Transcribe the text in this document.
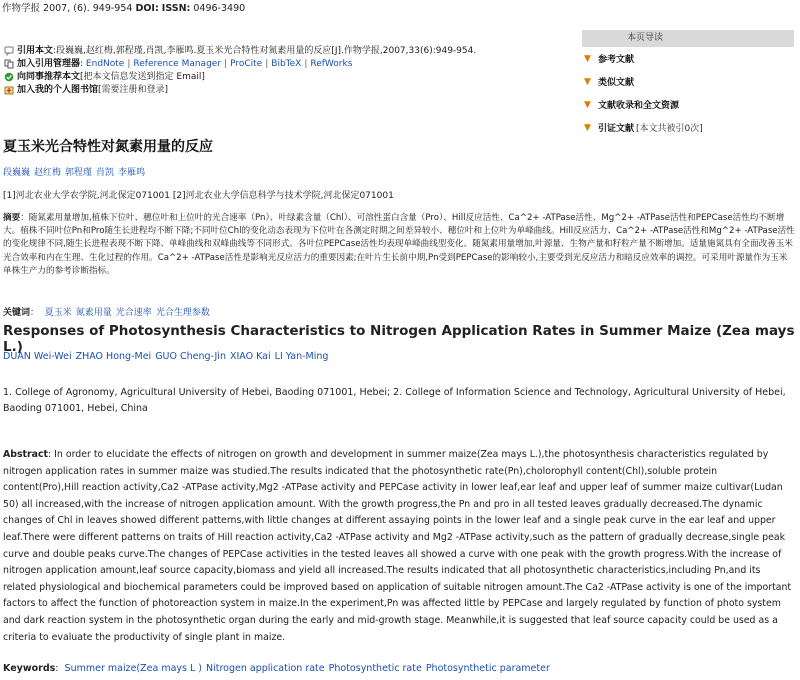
作物学报 2007, (6). 949-954 DOI: ISSN: 0496-3490
引用本文 :段巍巍,赵红梅,郭程瑾,肖凯,李雁鸣.夏玉米光合特性对氮素用量的反应[J].作物学报,2007,33(6):949-954.
加入引用管理器 : EndNote | Reference Manager | ProCite | BibTeX | RefWorks
向同事推荐本文 [把本文信息发送到指定 Email]
加入我的个人图书馆 [需要注册和登录]
本页导读
▼ 参考文献
▼ 类似文献
▼ 文献收录和全文资源
▼ 引证文献 [本文共被引0次]
夏玉米光合特性对氮素用量的反应
段巍巍 赵红梅 郭程瑾 肖凯 李雁鸣
[1]河北农业大学农学院,河北保定071001 [2]河北农业大学信息科学与技术学院,河北保定071001
摘要：随氮素用量增加,植株下位叶、穗位叶和上位叶的光合速率（Pn）、叶绿素含量（Chl）、可溶性蛋白含量（Pro）、Hill反应活性、Ca^2+ -ATPase活性、Mg^2+ -ATPase活性和PEPCase活性均不断增大。植株不同叶位Pn和Pro随生长进程均不断下降;不同叶位Chl的变化动态表现为下位叶在各测定时期之间差异较小、穗位叶和上位叶为单峰曲线。Hill反应活力、Ca^2+ -ATPase活性和Mg^2+ -ATPase活性的变化规律不同,随生长进程表现不断下降、单峰曲线和双峰曲线等不同形式。各叶位PEPCase活性均表现单峰曲线型变化。随氮素用量增加,叶源量、生物产量和籽粒产量不断增加。适量施氮具有全面改善玉米光合效率和内在生理、生化过程的作用。Ca^2+ -ATPase活性是影响光反应活力的重要因素;在叶片生长前中期,Pn受到PEPCase的影响较小,主要受到光反应活力和暗反应效率的调控。可采用叶源量作为玉米单株生产力的参考诊断指标。
关键词：  夏玉米 氮素用量 光合速率 光合生理参数
Responses of Photosynthesis Characteristics to Nitrogen Application Rates in Summer Maize (Zea mays L.)
DUAN Wei-Wei ZHAO Hong-Mei GUO Cheng-Jin XIAO Kai LI Yan-Ming
1. College of Agronomy, Agricultural University of Hebei, Baoding 071001, Hebei; 2. College of Information Science and Technology, Agricultural University of Hebei, Baoding 071001, Hebei, China
Abstract: In order to elucidate the effects of nitrogen on growth and development in summer maize(Zea mays L.),the photosynthesis characteristics regulated by nitrogen application rates in summer maize was studied.The results indicated that the photosynthetic rate(Pn),cholorophyll content(Chl),soluble protein content(Pro),Hill reaction activity,Ca2 -ATPase activity,Mg2 -ATPase activity and PEPCase activity in lower leaf,ear leaf and upper leaf of summer maize cultivar(Ludan 50) all increased,with the increase of nitrogen application amount. With the growth progress,the Pn and pro in all tested leaves gradually decreased.The dynamic changes of Chl in leaves showed different patterns,with little changes at different assaying points in the lower leaf and a single peak curve in the ear leaf and upper leaf.There were different patterns on traits of Hill reaction activity,Ca2 -ATPase activity and Mg2 -ATPase activity,such as the pattern of gradually decrease,single peak curve and double peaks curve.The changes of PEPCase activities in the tested leaves all showed a curve with one peak with the growth progress.With the increase of nitrogen application amount,leaf source capacity,biomass and yield all increased.The results indicated that all photosynthetic characteristics,including Pn,and its related physiological and biochemical parameters could be improved based on application of suitable nitrogen amount.The Ca2 -ATPase activity is one of the important factors to affect the function of photoreaction system in maize.In the experiment,Pn was affected little by PEPCase and largely regulated by function of photo system and dark reaction system in the photosynthetic organ during the early and mid-growth stage. Meanwhile,it is suggested that leaf source capacity could be used as a criteria to evaluate the productivity of single plant in maize.
Keywords:  Summer maize(Zea mays L ) Nitrogen application rate Photosynthetic rate Photosynthetic parameter
